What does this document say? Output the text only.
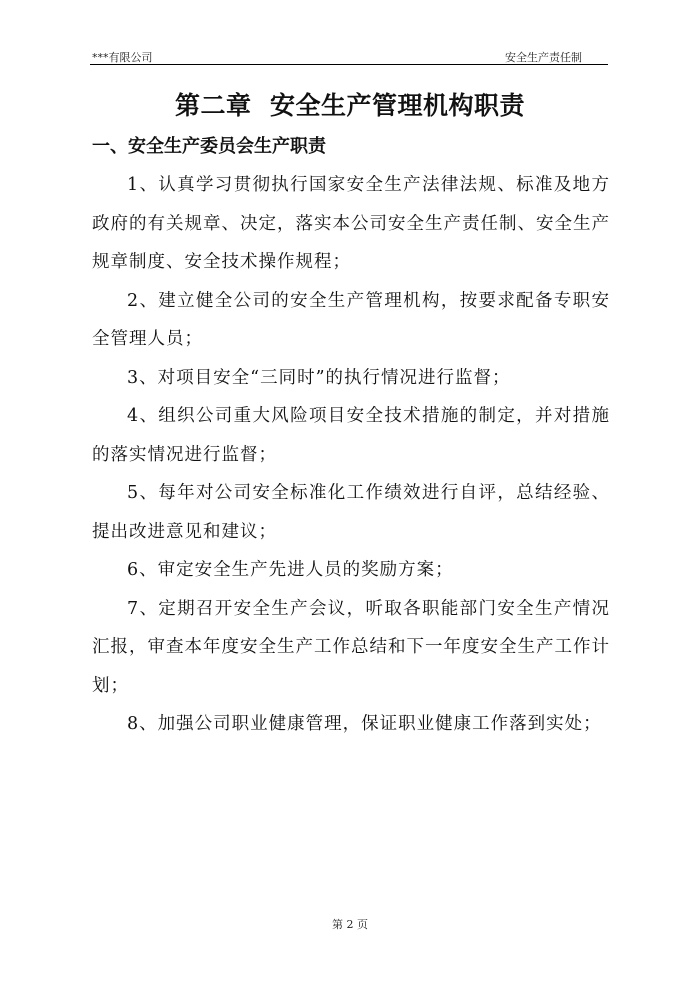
***有限公司	安全生产责任制
第二章  安全生产管理机构职责
一、安全生产委员会生产职责

1、认真学习贯彻执行国家安全生产法律法规、标准及地方政府的有关规章、决定，落实本公司安全生产责任制、安全生产规章制度、安全技术操作规程；

2、建立健全公司的安全生产管理机构，按要求配备专职安全管理人员；

3、对项目安全“三同时”的执行情况进行监督；

4、组织公司重大风险项目安全技术措施的制定，并对措施的落实情况进行监督；

5、每年对公司安全标准化工作绩效进行自评，总结经验、提出改进意见和建议；

6、审定安全生产先进人员的奖励方案；

7、定期召开安全生产会议，听取各职能部门安全生产情况汇报，审查本年度安全生产工作总结和下一年度安全生产工作计划；

8、加强公司职业健康管理，保证职业健康工作落到实处；

第 2 页
